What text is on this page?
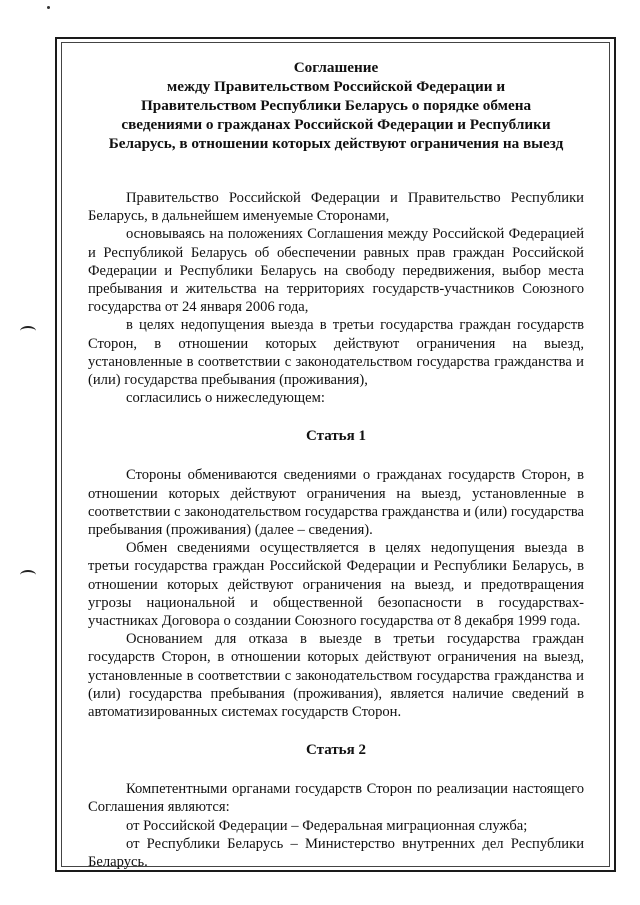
Соглашение
между Правительством Российской Федерации и
Правительством Республики Беларусь о порядке обмена
сведениями о гражданах Российской Федерации и Республики
Беларусь, в отношении которых действуют ограничения на выезд

Правительство Российской Федерации и Правительство Республики Беларусь, в дальнейшем именуемые Сторонами,

основываясь на положениях Соглашения между Российской Федерацией и Республикой Беларусь об обеспечении равных прав граждан Российской Федерации и Республики Беларусь на свободу передвижения, выбор места пребывания и жительства на территориях государств-участников Союзного государства от 24 января 2006 года,

в целях недопущения выезда в третьи государства граждан государств Сторон, в отношении которых действуют ограничения на выезд, установленные в соответствии с законодательством государства гражданства и (или) государства пребывания (проживания),

согласились о нижеследующем:

Статья 1

Стороны обмениваются сведениями о гражданах государств Сторон, в отношении которых действуют ограничения на выезд, установленные в соответствии с законодательством государства гражданства и (или) государства пребывания (проживания) (далее – сведения).

Обмен сведениями осуществляется в целях недопущения выезда в третьи государства граждан Российской Федерации и Республики Беларусь, в отношении которых действуют ограничения на выезд, и предотвращения угрозы национальной и общественной безопасности в государствах-участниках Договора о создании Союзного государства от 8 декабря 1999 года.

Основанием для отказа в выезде в третьи государства граждан государств Сторон, в отношении которых действуют ограничения на выезд, установленные в соответствии с законодательством государства гражданства и (или) государства пребывания (проживания), является наличие сведений в автоматизированных системах государств Сторон.

Статья 2

Компетентными органами государств Сторон по реализации настоящего Соглашения являются:

от Российской Федерации – Федеральная миграционная служба;

от Республики Беларусь – Министерство внутренних дел Республики Беларусь.
